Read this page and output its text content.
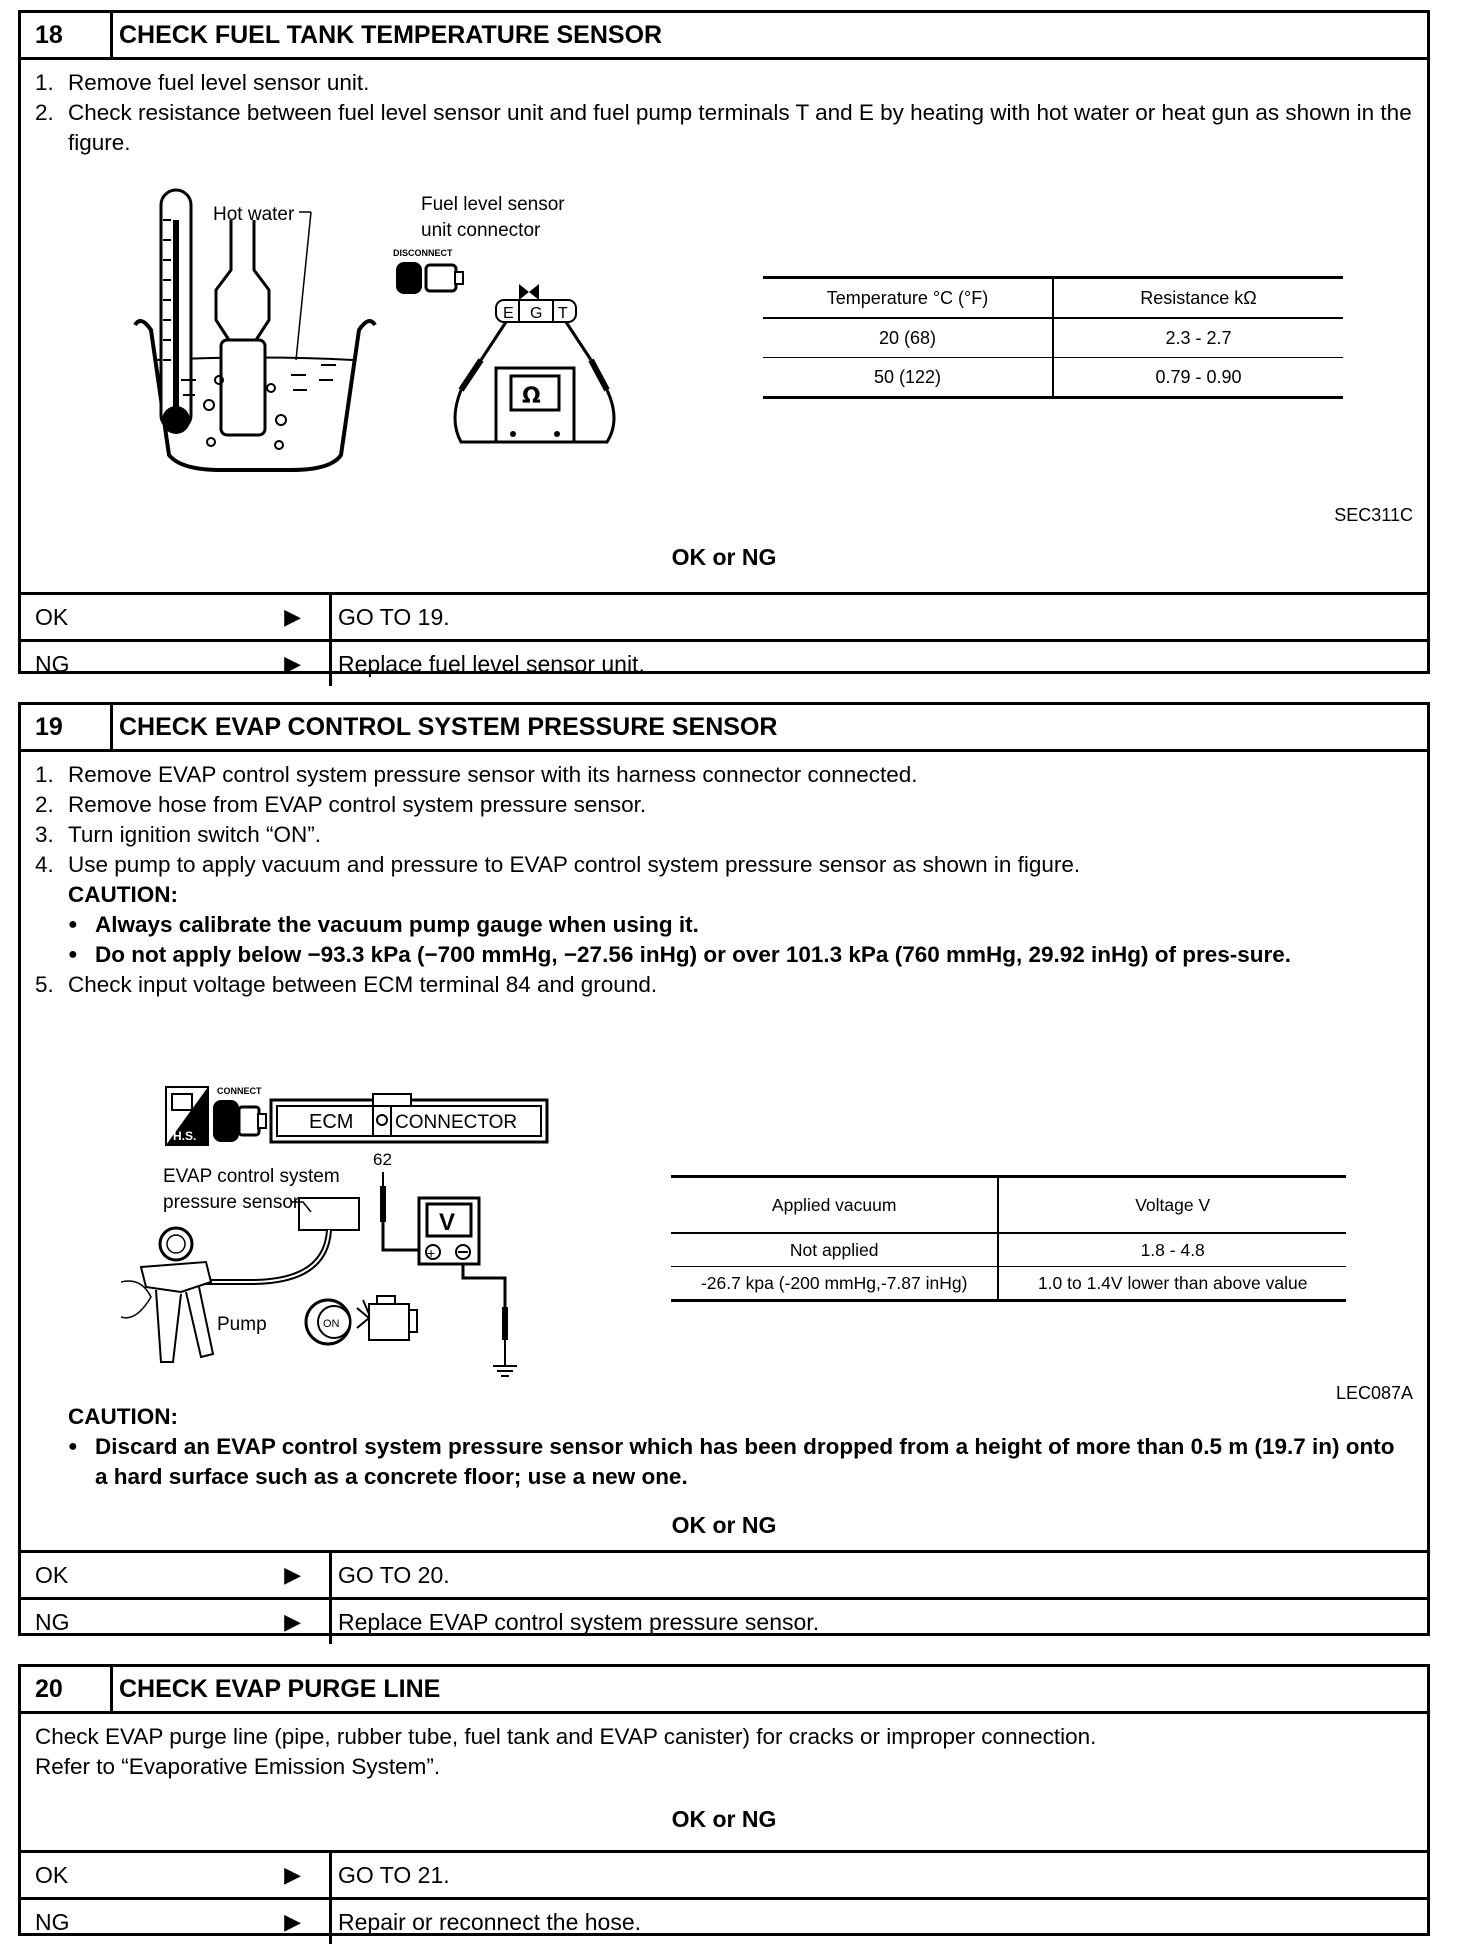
18	CHECK FUEL TANK TEMPERATURE SENSOR
1. Remove fuel level sensor unit.
2. Check resistance between fuel level sensor unit and fuel pump terminals T and E by heating with hot water or heat gun as shown in the figure.
Hot water	Fuel level sensor
unit connector
DISCONNECT
E G T
Ω
Temperature °C (°F)	Resistance kΩ
20 (68)	2.3 - 2.7
50 (122)	0.79 - 0.90
SEC311C
OK or NG
OK	▶ GO TO 19.
NG	▶ Replace fuel level sensor unit.
19	CHECK EVAP CONTROL SYSTEM PRESSURE SENSOR
1. Remove EVAP control system pressure sensor with its harness connector connected.
2. Remove hose from EVAP control system pressure sensor.
3. Turn ignition switch “ON”.
4. Use pump to apply vacuum and pressure to EVAP control system pressure sensor as shown in figure.
CAUTION:
● Always calibrate the vacuum pump gauge when using it.
● Do not apply below −93.3 kPa (−700 mmHg, −27.56 inHg) or over 101.3 kPa (760 mmHg, 29.92 inHg) of pres-sure.
5. Check input voltage between ECM terminal 84 and ground.
H.S.
CONNECT
ECM CONNECTOR
62
V
+
EVAP control system
pressure sensor
Pump	ON
Applied vacuum	Voltage V
Not applied	1.8 - 4.8
-26.7 kpa (-200 mmHg,-7.87 inHg)	1.0 to 1.4V lower than above value
LEC087A
CAUTION:
● Discard an EVAP control system pressure sensor which has been dropped from a height of more than 0.5 m (19.7 in) onto a hard surface such as a concrete floor; use a new one.
OK or NG
OK	▶ GO TO 20.
NG	▶ Replace EVAP control system pressure sensor.
20	CHECK EVAP PURGE LINE
Check EVAP purge line (pipe, rubber tube, fuel tank and EVAP canister) for cracks or improper connection.
Refer to “Evaporative Emission System”.
OK or NG
OK	▶ GO TO 21.
NG	▶ Repair or reconnect the hose.
